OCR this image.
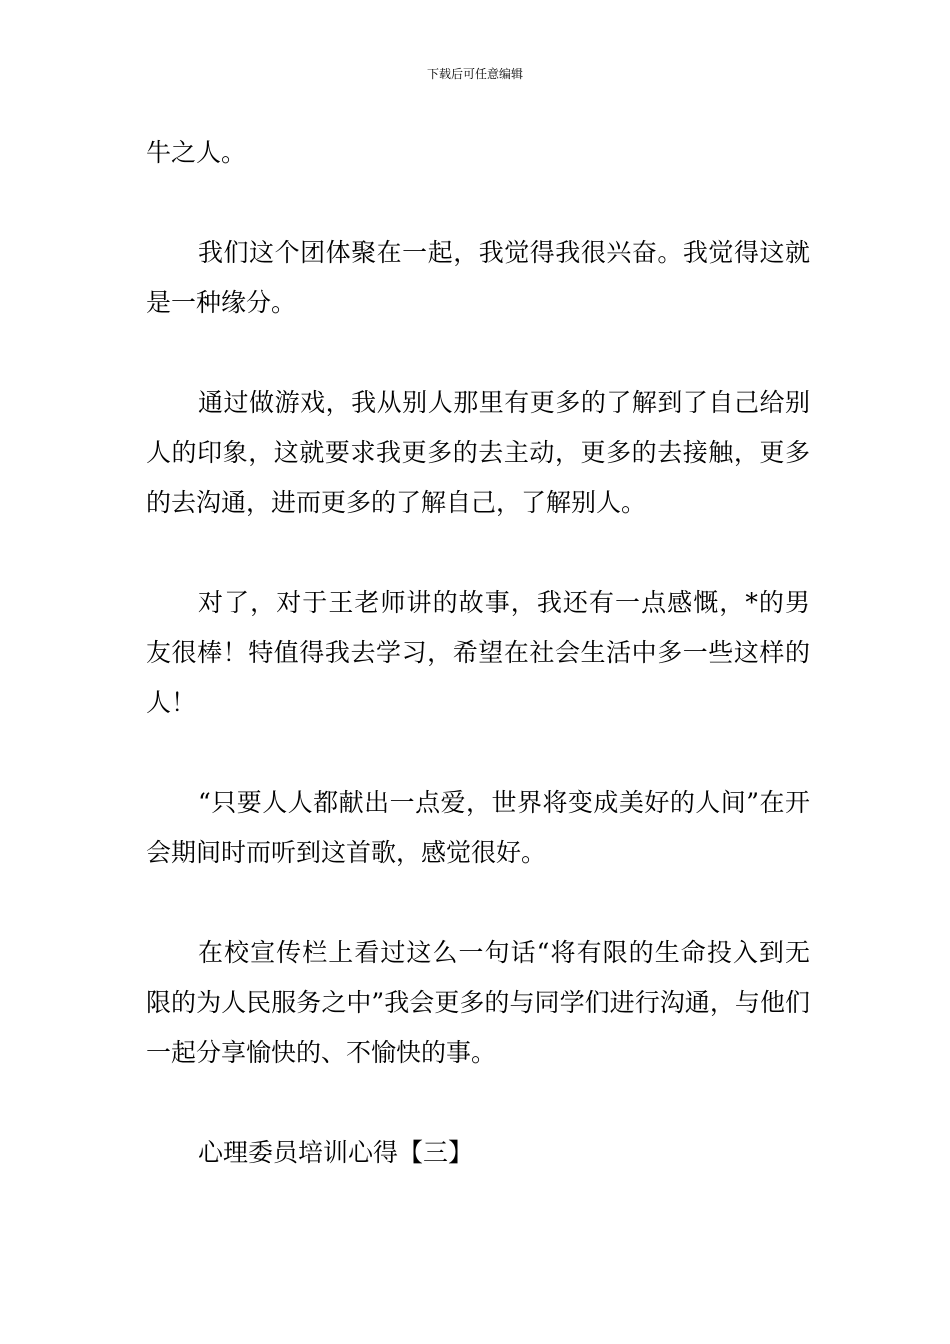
下载后可任意编辑

牛之人。

我们这个团体聚在一起，我觉得我很兴奋。我觉得这就是一种缘分。

通过做游戏，我从别人那里有更多的了解到了自己给别人的印象，这就要求我更多的去主动，更多的去接触，更多的去沟通，进而更多的了解自己，了解别人。

对了，对于王老师讲的故事，我还有一点感慨，*的男友很棒！特值得我去学习，希望在社会生活中多一些这样的人！

“只要人人都献出一点爱，世界将变成美好的人间”在开会期间时而听到这首歌，感觉很好。

在校宣传栏上看过这么一句话“将有限的生命投入到无限的为人民服务之中”我会更多的与同学们进行沟通，与他们一起分享愉快的、不愉快的事。

心理委员培训心得【三】
